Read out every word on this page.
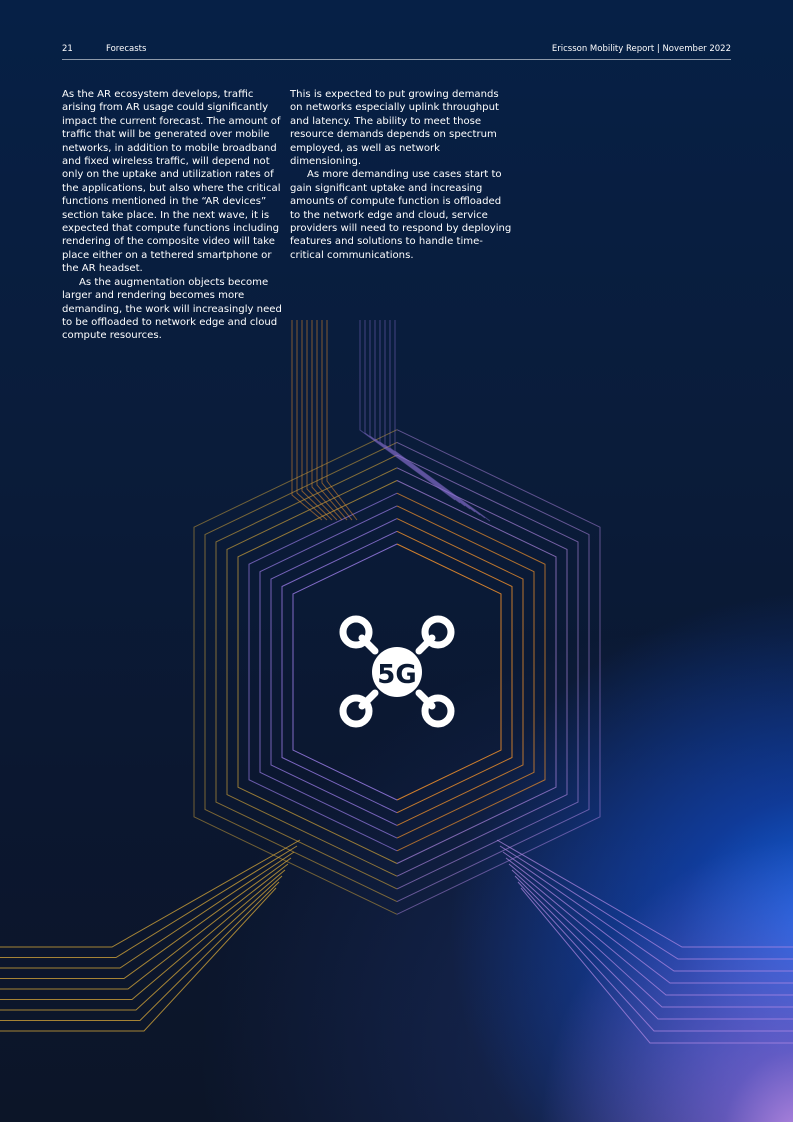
5G
21	Forecasts	Ericsson Mobility Report | November 2022

As the AR ecosystem develops, traffic arising from AR usage could significantly impact the current forecast. The amount of traffic that will be generated over mobile networks, in addition to mobile broadband and fixed wireless traffic, will depend not only on the uptake and utilization rates of the applications, but also where the critical functions mentioned in the “AR devices” section take place. In the next wave, it is expected that compute functions including rendering of the composite video will take place either on a tethered smartphone or the AR headset.

As the augmentation objects become larger and rendering becomes more demanding, the work will increasingly need to be offloaded to network edge and cloud compute resources.

This is expected to put growing demands on networks especially uplink throughput and latency. The ability to meet those resource demands depends on spectrum employed, as well as network dimensioning.

As more demanding use cases start to gain significant uptake and increasing amounts of compute function is offloaded to the network edge and cloud, service providers will need to respond by deploying features and solutions to handle time-critical communications.
